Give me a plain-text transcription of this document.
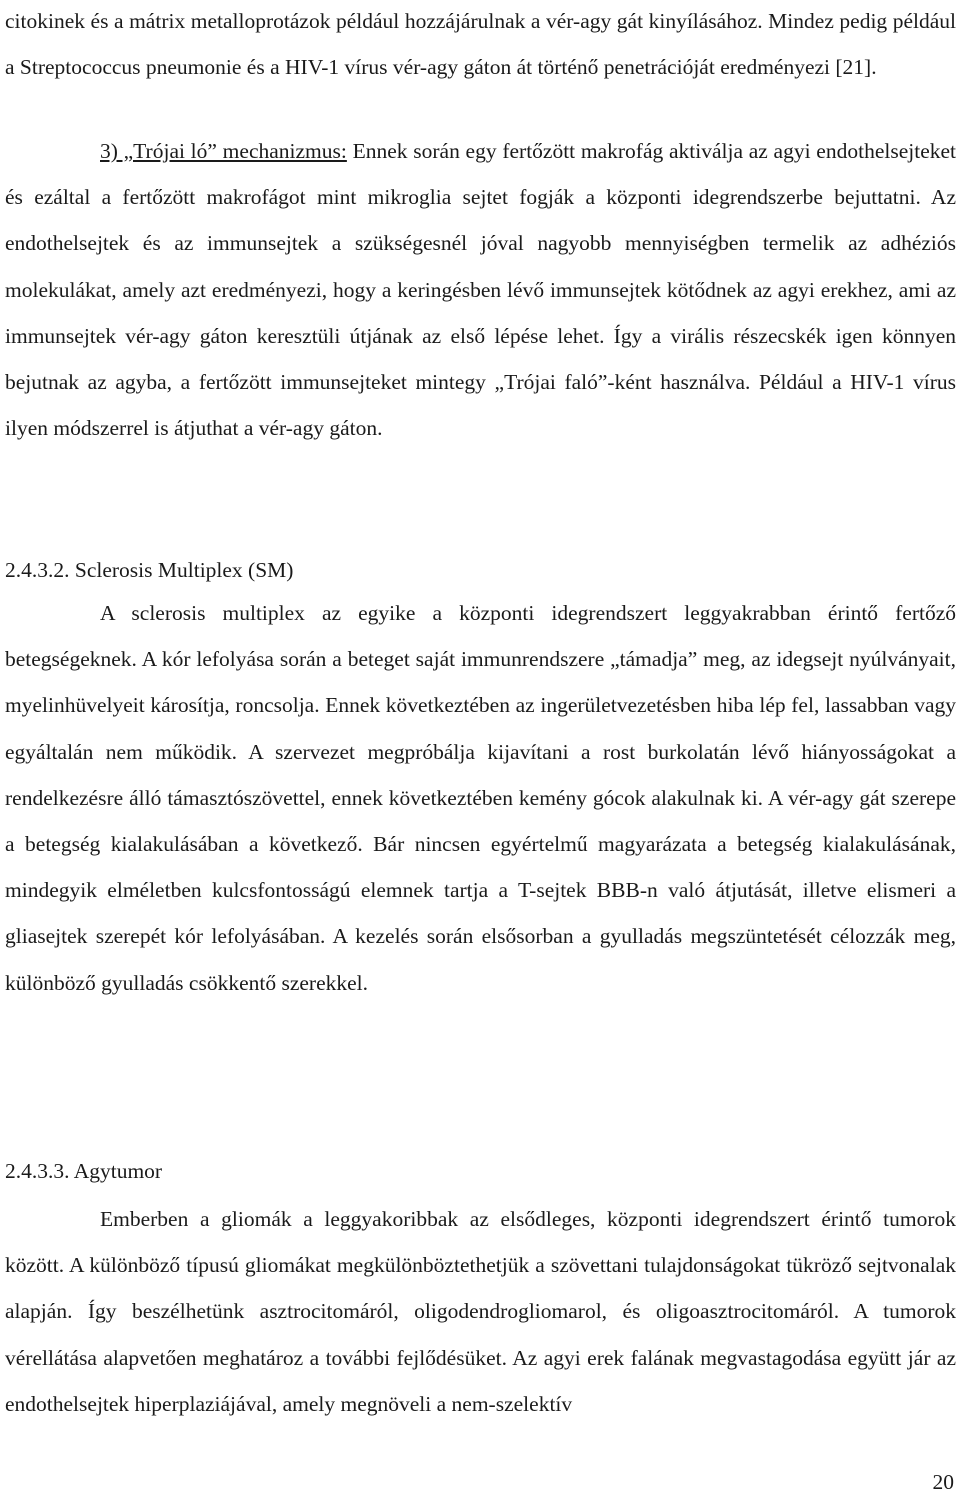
citokinek és a mátrix metalloprotázok például hozzájárulnak a vér-agy gát kinyílásához. Mindez pedig például a Streptococcus pneumonie és a HIV-1 vírus vér-agy gáton át történő penetrációját eredményezi [21].

3) „Trójai ló” mechanizmus: Ennek során egy fertőzött makrofág aktiválja az agyi endothelsejteket és ezáltal a fertőzött makrofágot mint mikroglia sejtet fogják a központi idegrendszerbe bejuttatni. Az endothelsejtek és az immunsejtek a szükségesnél jóval nagyobb mennyiségben termelik az adhéziós molekulákat, amely azt eredményezi, hogy a keringésben lévő immunsejtek kötődnek az agyi erekhez, ami az immunsejtek vér-agy gáton keresztüli útjának az első lépése lehet. Így a virális részecskék igen könnyen bejutnak az agyba, a fertőzött immunsejteket mintegy „Trójai faló”-ként használva. Például a HIV-1 vírus ilyen módszerrel is átjuthat a vér-agy gáton.

2.4.3.2. Sclerosis Multiplex (SM)

A sclerosis multiplex az egyike a központi idegrendszert leggyakrabban érintő fertőző betegségeknek. A kór lefolyása során a beteget saját immunrendszere „támadja” meg, az idegsejt nyúlványait, myelinhüvelyeit károsítja, roncsolja. Ennek következtében az ingerületvezetésben hiba lép fel, lassabban vagy egyáltalán nem működik. A szervezet megpróbálja kijavítani a rost burkolatán lévő hiányosságokat a rendelkezésre álló támasztószövettel, ennek következtében kemény gócok alakulnak ki. A vér-agy gát szerepe a betegség kialakulásában a következő. Bár nincsen egyértelmű magyarázata a betegség kialakulásának, mindegyik elméletben kulcsfontosságú elemnek tartja a T-sejtek BBB-n való átjutását, illetve elismeri a gliasejtek szerepét kór lefolyásában. A kezelés során elsősorban a gyulladás megszüntetését célozzák meg, különböző gyulladás csökkentő szerekkel.

2.4.3.3. Agytumor

Emberben a gliomák a leggyakoribbak az elsődleges, központi idegrendszert érintő tumorok között. A különböző típusú gliomákat megkülönböztethetjük a szövettani tulajdonságokat tükröző sejtvonalak alapján. Így beszélhetünk asztrocitomáról, oligodendrogliomarol, és oligoasztrocitomáról. A tumorok vérellátása alapvetően meghatároz a további fejlődésüket. Az agyi erek falának megvastagodása együtt jár az endothelsejtek hiperplaziájával, amely megnöveli a nem-szelektív

20
